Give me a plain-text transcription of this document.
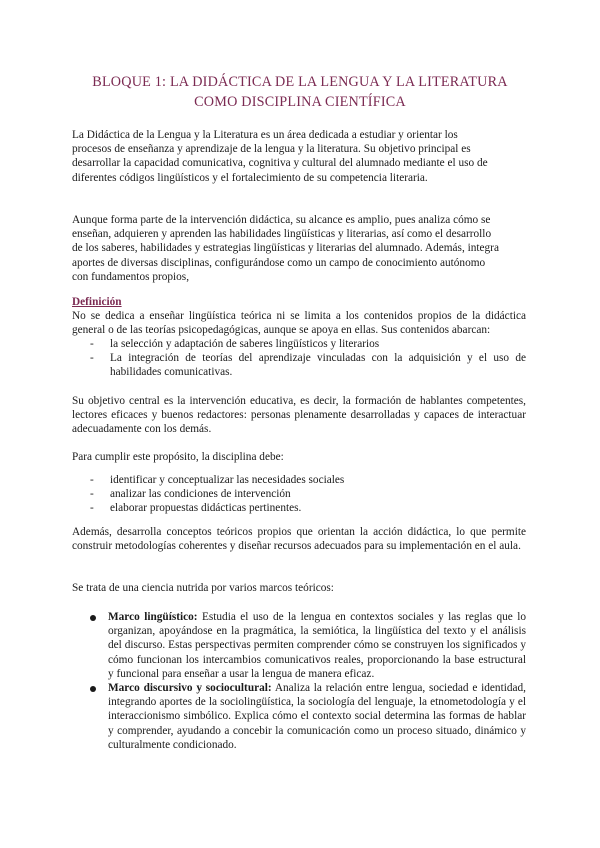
BLOQUE 1: LA DIDÁCTICA DE LA LENGUA Y LA LITERATURA
COMO DISCIPLINA CIENTÍFICA
La Didáctica de la Lengua y la Literatura es un área dedicada a estudiar y orientar los procesos de enseñanza y aprendizaje de la lengua y la literatura. Su objetivo principal es desarrollar la capacidad comunicativa, cognitiva y cultural del alumnado mediante el uso de diferentes códigos lingüísticos y el fortalecimiento de su competencia literaria.
Aunque forma parte de la intervención didáctica, su alcance es amplio, pues analiza cómo se enseñan, adquieren y aprenden las habilidades lingüísticas y literarias, así como el desarrollo de los saberes, habilidades y estrategias lingüísticas y literarias del alumnado. Además, integra aportes de diversas disciplinas, configurándose como un campo de conocimiento autónomo con fundamentos propios,
Definición
No se dedica a enseñar lingüística teórica ni se limita a los contenidos propios de la didáctica general o de las teorías psicopedagógicas, aunque se apoya en ellas. Sus contenidos abarcan:
- la selección y adaptación de saberes lingüísticos y literarios
- La integración de teorías del aprendizaje vinculadas con la adquisición y el uso de habilidades comunicativas.
Su objetivo central es la intervención educativa, es decir, la formación de hablantes competentes, lectores eficaces y buenos redactores: personas plenamente desarrolladas y capaces de interactuar adecuadamente con los demás.
Para cumplir este propósito, la disciplina debe:
- identificar y conceptualizar las necesidades sociales
- analizar las condiciones de intervención
- elaborar propuestas didácticas pertinentes.
Además, desarrolla conceptos teóricos propios que orientan la acción didáctica, lo que permite construir metodologías coherentes y diseñar recursos adecuados para su implementación en el aula.
Se trata de una ciencia nutrida por varios marcos teóricos:
Marco lingüístico: Estudia el uso de la lengua en contextos sociales y las reglas que lo organizan, apoyándose en la pragmática, la semiótica, la lingüística del texto y el análisis del discurso. Estas perspectivas permiten comprender cómo se construyen los significados y cómo funcionan los intercambios comunicativos reales, proporcionando la base estructural y funcional para enseñar a usar la lengua de manera eficaz.
Marco discursivo y sociocultural: Analiza la relación entre lengua, sociedad e identidad, integrando aportes de la sociolingüística, la sociología del lenguaje, la etnometodología y el interaccionismo simbólico. Explica cómo el contexto social determina las formas de hablar y comprender, ayudando a concebir la comunicación como un proceso situado, dinámico y culturalmente condicionado.
